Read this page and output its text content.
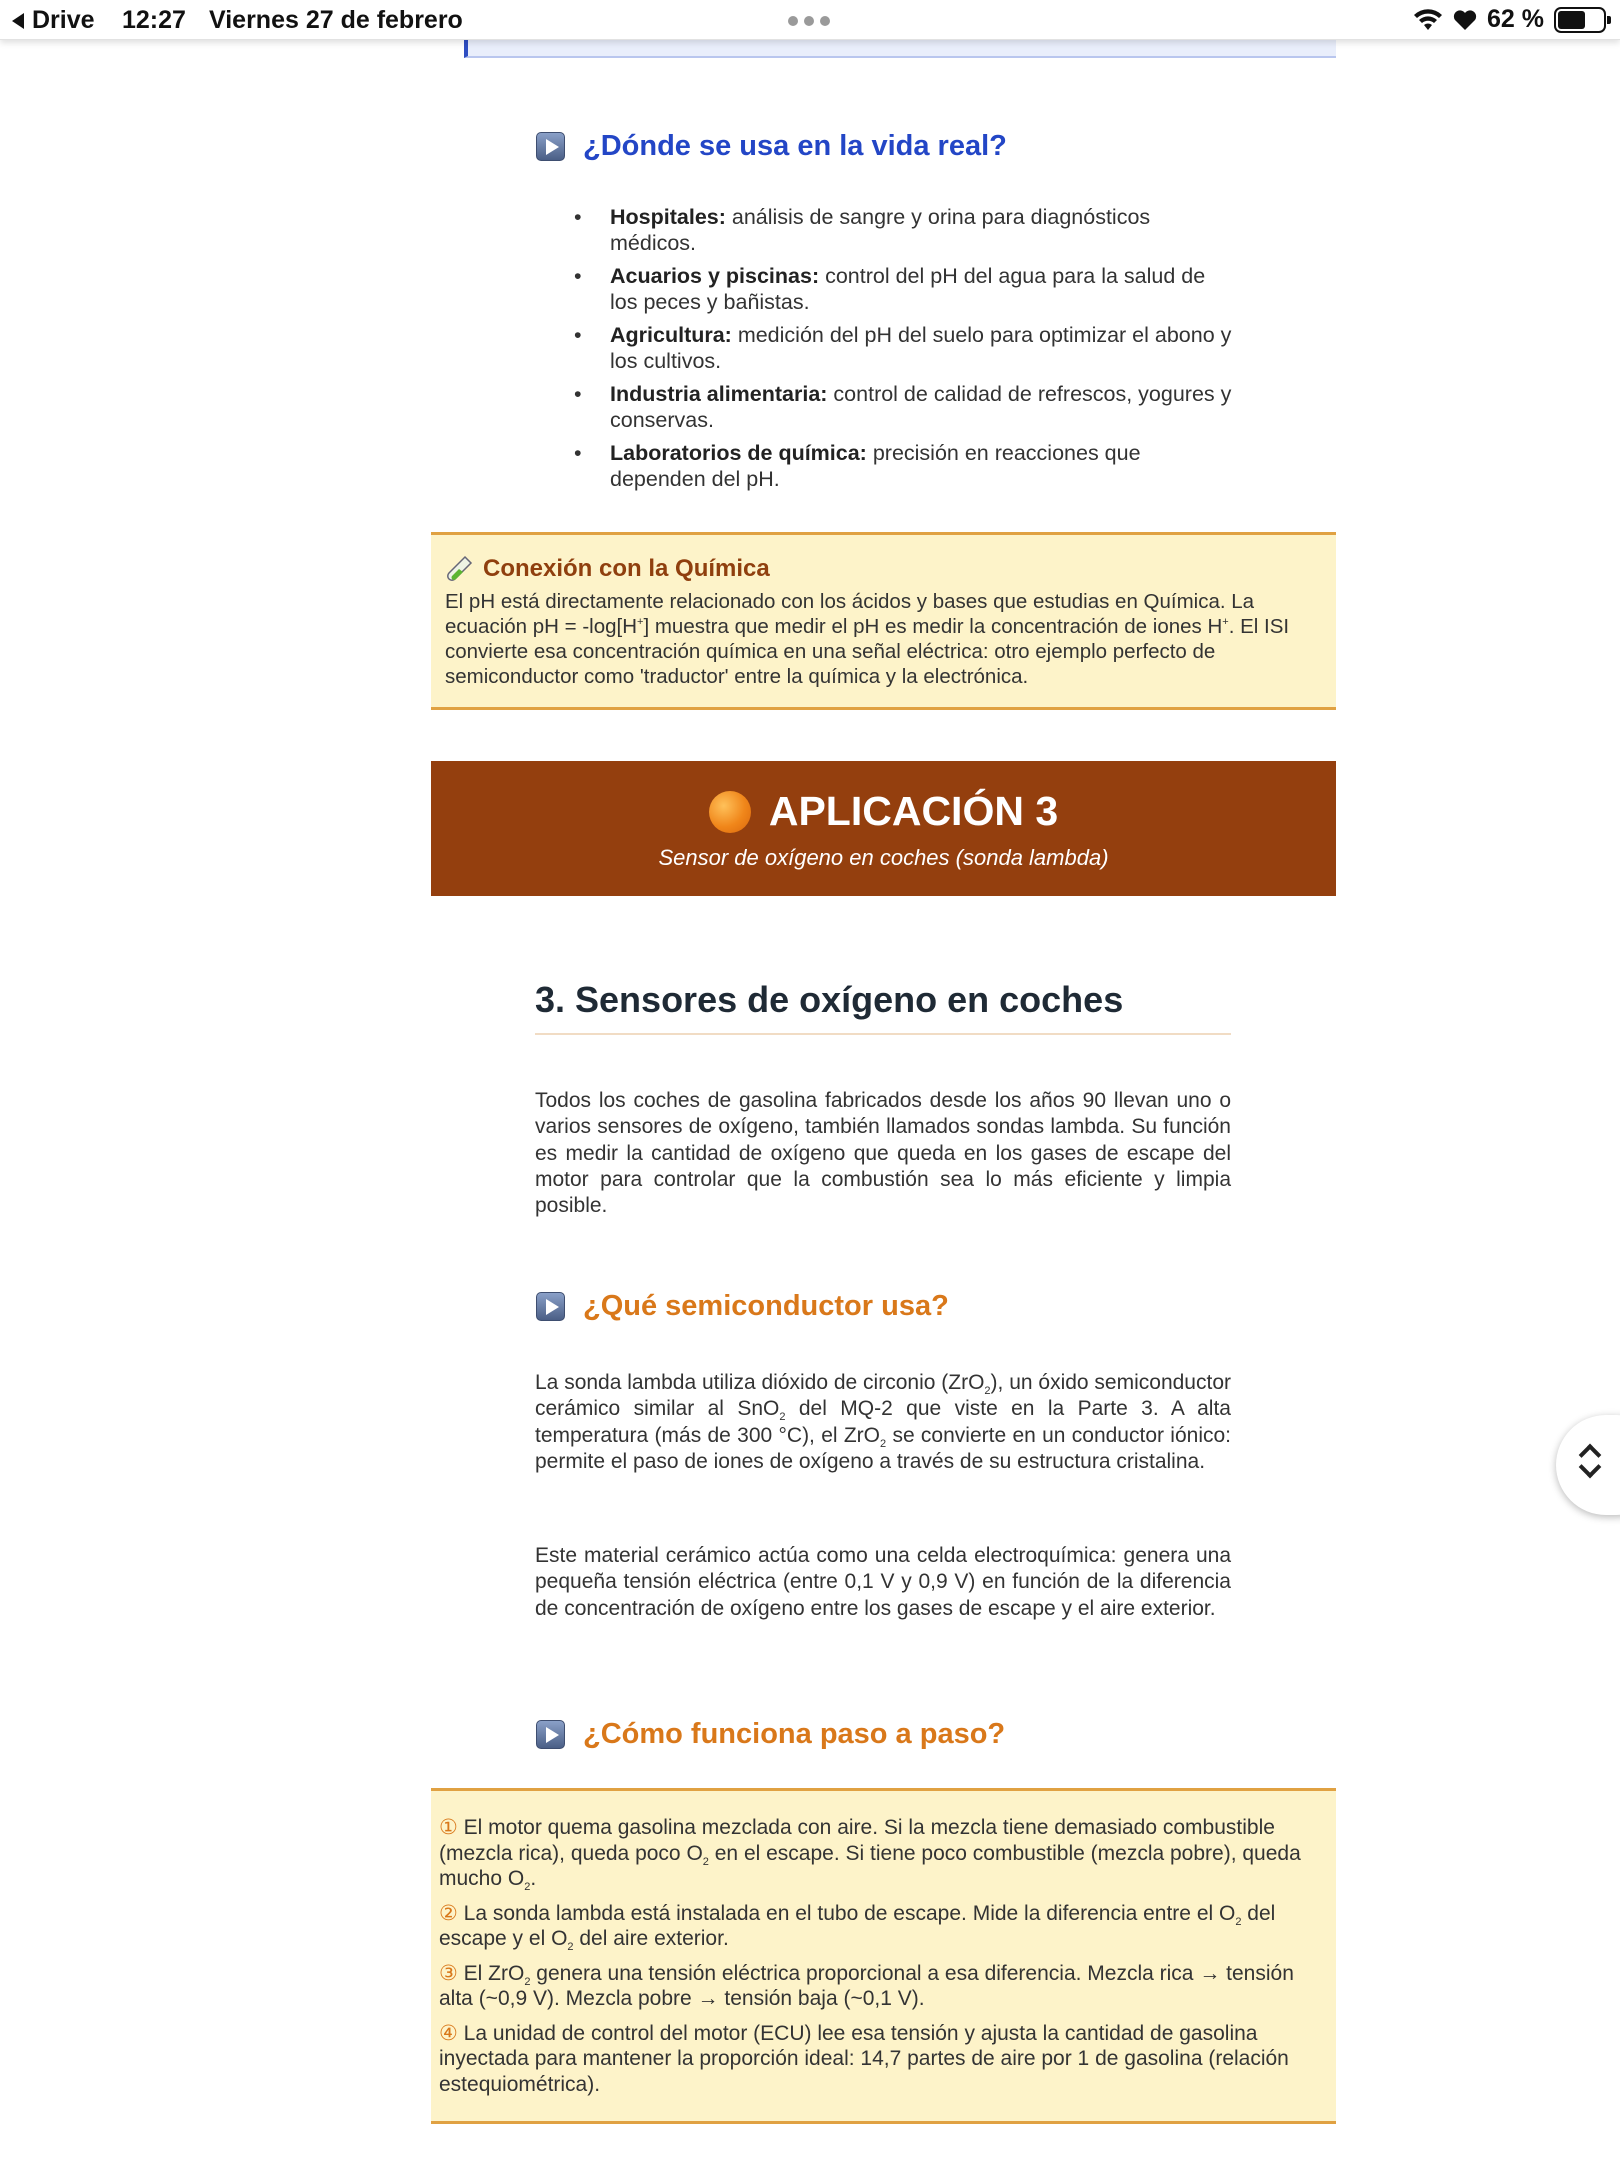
Drive 12:27 Viernes 27 de febrero	62 %
¿Dónde se usa en la vida real?
• Hospitales: análisis de sangre y orina para diagnósticos médicos.
• Acuarios y piscinas: control del pH del agua para la salud de los peces y bañistas.
• Agricultura: medición del pH del suelo para optimizar el abono y los cultivos.
• Industria alimentaria: control de calidad de refrescos, yogures y conservas.
• Laboratorios de química: precisión en reacciones que dependen del pH.
Conexión con la Química

El pH está directamente relacionado con los ácidos y bases que estudias en Química. La

ecuación pH = -log[H+] muestra que medir el pH es medir la concentración de iones H+. El ISI

convierte esa concentración química en una señal eléctrica: otro ejemplo perfecto de

semiconductor como 'traductor' entre la química y la electrónica.

APLICACIÓN 3
Sensor de oxígeno en coches (sonda lambda)
3. Sensores de oxígeno en coches
Todos los coches de gasolina fabricados desde los años 90 llevan uno o varios sensores de oxígeno, también llamados sondas lambda. Su función es medir la cantidad de oxígeno que queda en los gases de escape del motor para controlar que la combustión sea lo más eficiente y limpia posible.
¿Qué semiconductor usa?
La sonda lambda utiliza dióxido de circonio (ZrO$_2$), un óxido semiconductor cerámico similar al SnO$_2$ del MQ-2 que viste en la Parte 3. A alta temperatura (más de 300 °C), el ZrO$_2$ se convierte en un conductor iónico: permite el paso de iones de oxígeno a través de su estructura cristalina.
Este material cerámico actúa como una celda electroquímica: genera una pequeña tensión eléctrica (entre 0,1 V y 0,9 V) en función de la diferencia de concentración de oxígeno entre los gases de escape y el aire exterior.
¿Cómo funciona paso a paso?

① El motor quema gasolina mezclada con aire. Si la mezcla tiene demasiado combustible (mezcla rica), queda poco $O_2$ en el escape. Si tiene poco combustible (mezcla pobre), queda mucho $O_2$.

② La sonda lambda está instalada en el tubo de escape. Mide la diferencia entre el $O_2$ del escape y el $O_2$ del aire exterior.

③ El ZrO$_2$ genera una tensión eléctrica proporcional a esa diferencia. Mezcla rica → tensión alta (~0,9 V). Mezcla pobre → tensión baja (~0,1 V).

④ La unidad de control del motor (ECU) lee esa tensión y ajusta la cantidad de gasolina inyectada para mantener la proporción ideal: 14,7 partes de aire por 1 de gasolina (relación estequiométrica).
